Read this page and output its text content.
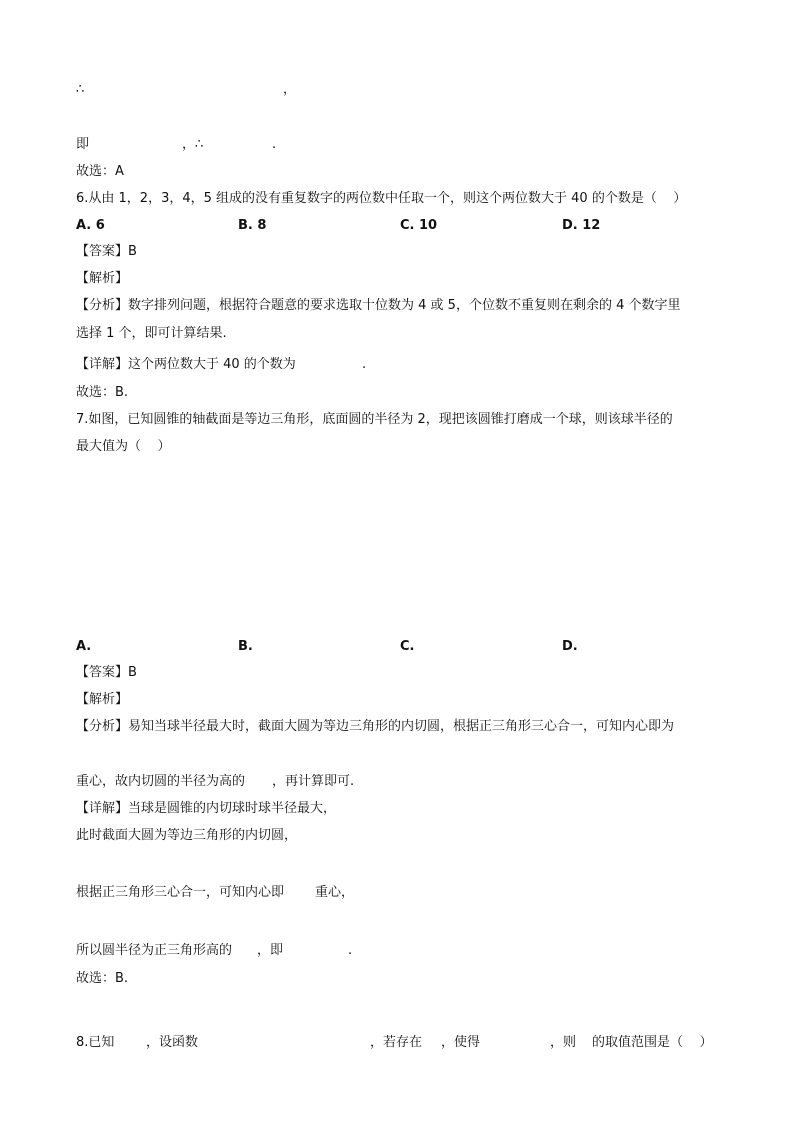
∴	，
即	，∴	.
故选：A
6.从由 1，2，3，4，5 组成的没有重复数字的两位数中任取一个，则这个两位数大于 40 的个数是（    ）
A. 6	B. 8	C. 10	D. 12
【答案】B
【解析】
【分析】数字排列问题，根据符合题意的要求选取十位数为 4 或 5，个位数不重复则在剩余的 4 个数字里
选择 1 个，即可计算结果.
【详解】这个两位数大于 40 的个数为	.
故选：B.
7.如图，已知圆锥的轴截面是等边三角形，底面圆的半径为 2，现把该圆锥打磨成一个球，则该球半径的
最大值为（    ）
A.	B.	C.	D.
【答案】B
【解析】
【分析】易知当球半径最大时，截面大圆为等边三角形的内切圆，根据正三角形三心合一，可知内心即为
重心，故内切圆的半径为高的 ，再计算即可.
【详解】当球是圆锥的内切球时球半径最大，
此时截面大圆为等边三角形的内切圆，
根据正三角形三心合一，可知内心即 重心，
所以圆半径为正三角形高的 ，即	.
故选：B.
8.已知 ，设函数	，若存在 ，使得	，则 的取值范围是（    ）
